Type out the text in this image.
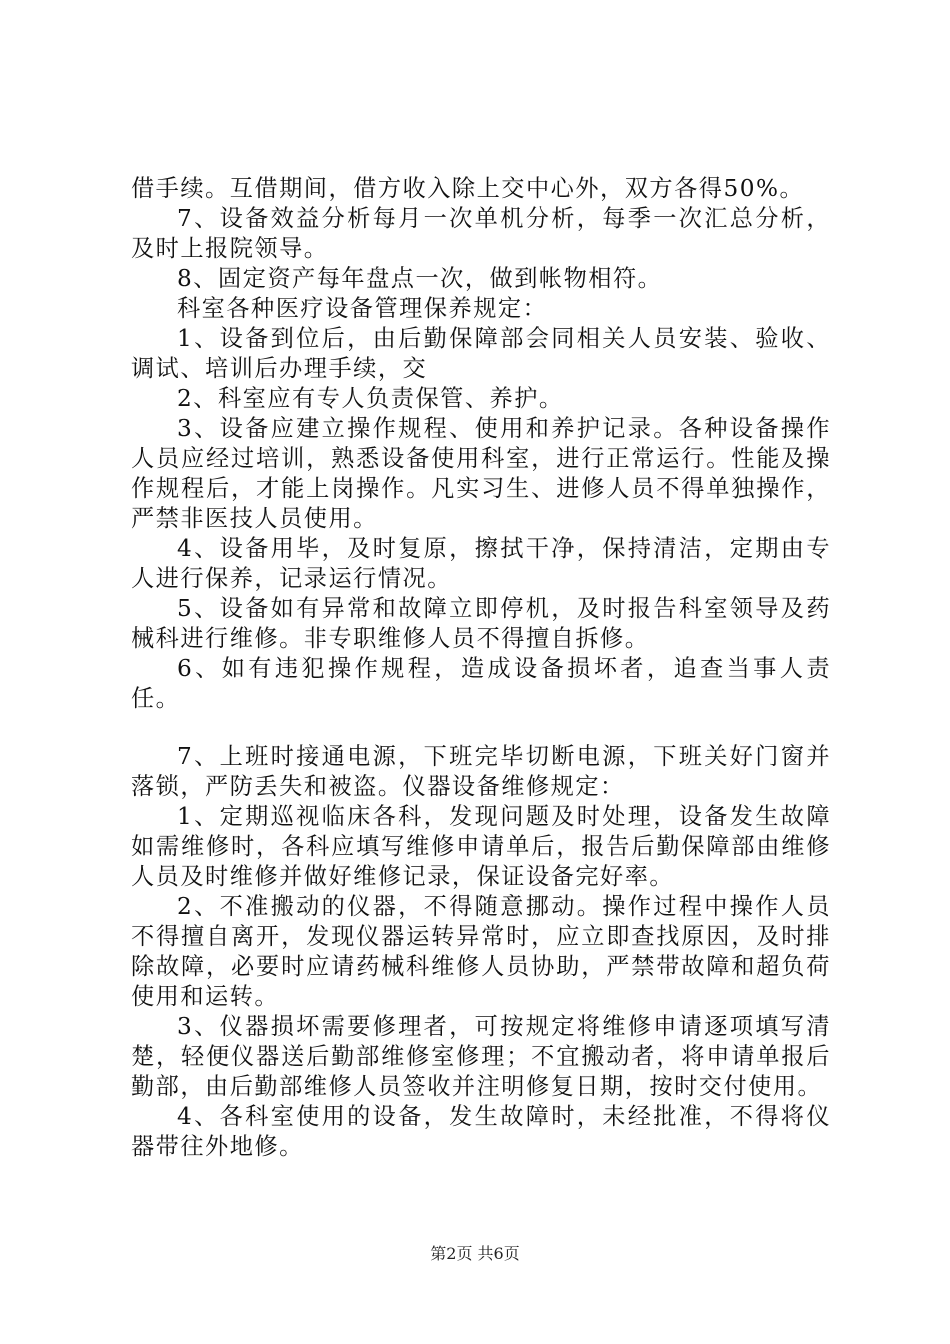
借手续。互借期间，借方收入除上交中心外，双方各得50%。

7、设备效益分析每月一次单机分析，每季一次汇总分析，及时上报院领导。

8、固定资产每年盘点一次，做到帐物相符。

科室各种医疗设备管理保养规定：

1、设备到位后，由后勤保障部会同相关人员安装、验收、调试、培训后办理手续，交

2、科室应有专人负责保管、养护。

3、设备应建立操作规程、使用和养护记录。各种设备操作人员应经过培训，熟悉设备使用科室，进行正常运行。性能及操作规程后，才能上岗操作。凡实习生、进修人员不得单独操作，严禁非医技人员使用。

4、设备用毕，及时复原，擦拭干净，保持清洁，定期由专人进行保养，记录运行情况。

5、设备如有异常和故障立即停机，及时报告科室领导及药械科进行维修。非专职维修人员不得擅自拆修。

6、如有违犯操作规程，造成设备损坏者，追查当事人责任。

7、上班时接通电源，下班完毕切断电源，下班关好门窗并落锁，严防丢失和被盗。仪器设备维修规定：

1、定期巡视临床各科，发现问题及时处理，设备发生故障如需维修时，各科应填写维修申请单后，报告后勤保障部由维修人员及时维修并做好维修记录，保证设备完好率。

2、不准搬动的仪器，不得随意挪动。操作过程中操作人员不得擅自离开，发现仪器运转异常时，应立即查找原因，及时排除故障，必要时应请药械科维修人员协助，严禁带故障和超负荷使用和运转。

3、仪器损坏需要修理者，可按规定将维修申请逐项填写清楚，轻便仪器送后勤部维修室修理；不宜搬动者，将申请单报后勤部，由后勤部维修人员签收并注明修复日期，按时交付使用。

4、各科室使用的设备，发生故障时，未经批准，不得将仪器带往外地修。

第2页 共6页
